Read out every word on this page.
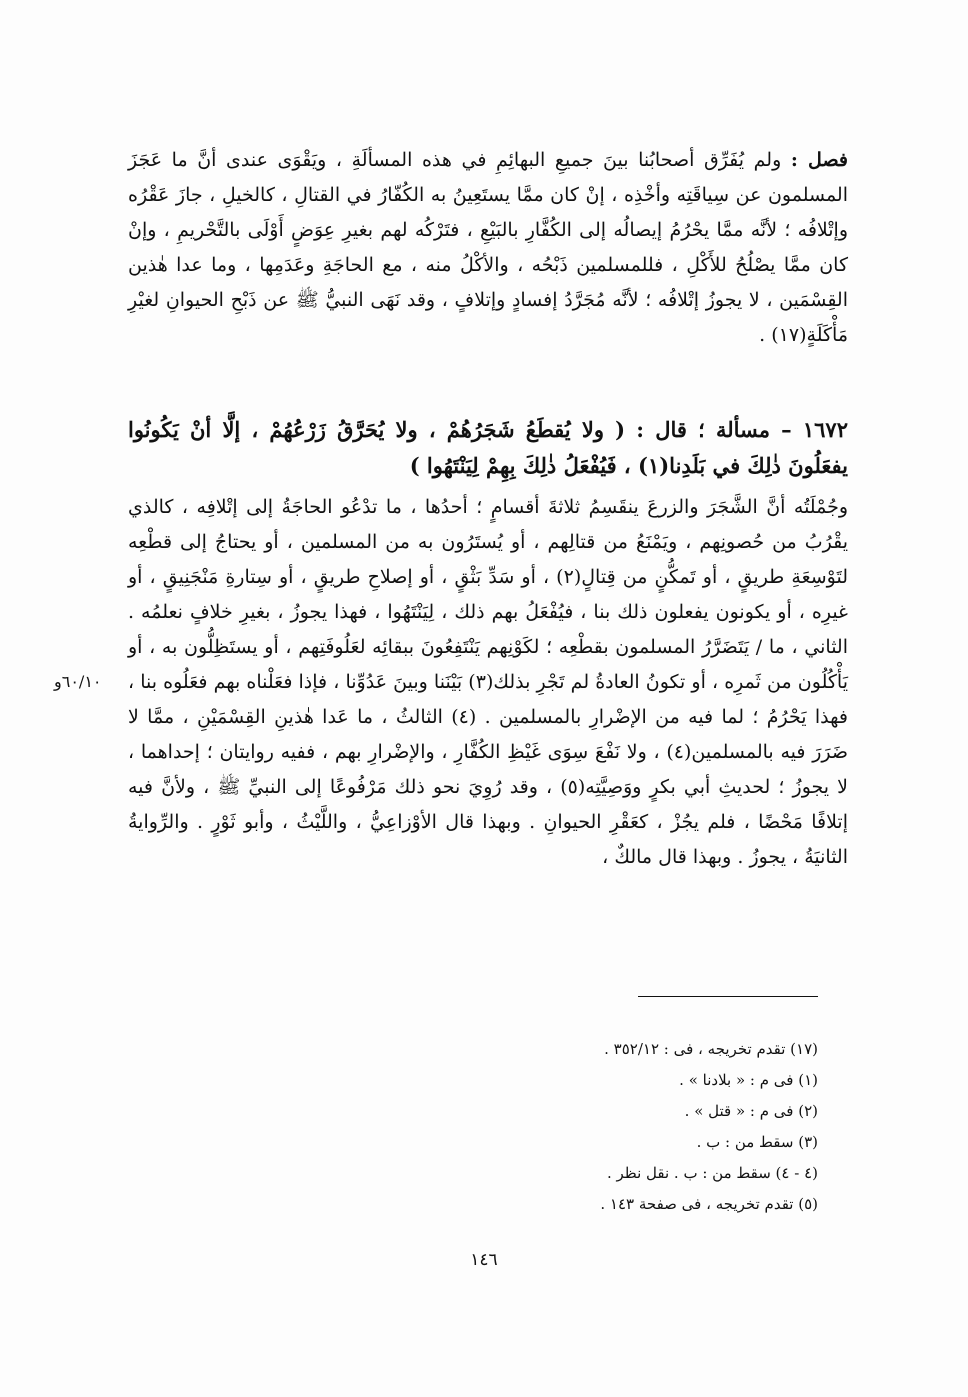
فصل : ولم يُفَرِّق أصحابُنا بينَ جميعِ البهائِمِ في هذه المسألَةِ ، ويَقْوَى عندى أنَّ ما عَجَزَ المسلمون عن سِياقَتِه وأخْذِه ، إنْ كان ممَّا يستَعِينُ به الكُفّارُ في القتالِ ، كالخيلِ ، جازَ عَقْرُه وإتْلافُه ؛ لأنَّه ممَّا يحْرُمُ إيصالُه إلى الكُفَّارِ بالبَيْعِ ، فتَرْكُه لهم بغيرِ عِوَضٍ أَوْلَى بالتَّحْريمِ ، وإنْ كان ممَّا يصْلُحُ للأَكْلِ ، فللمسلمين ذَبْحُه ، والأكْلُ منه ، مع الحاجَةِ وعَدَمِها ، وما عدا هٰذين القِسْمَين ، لا يجوزُ إتْلافُه ؛ لأنَّه مُجَرَّدُ إفسادٍ وإتلافٍ ، وقد نَهَى النبيُّ ﷺ عن ذَبْحِ الحيوانِ لغيْرِ مَأْكَلَةٍ(١٧) .

١٦٧٢ – مسألة ؛ قال : ( ولا يُقطَعُ شَجَرُهُمْ ، ولا يُحَرَّقُ زَرْعُهُمْ ، إلَّا أنْ يَكُونُوا يفعَلُونَ ذٰلِكَ في بَلَدِنا(١) ، فَيُفْعَلُ ذٰلِكَ بِهِمْ لِيَنْتَهُوا )

وجُمْلَتُه أنَّ الشَّجَرَ والزرعَ ينقَسِمُ ثلاثةَ أقسامٍ ؛ أحدُها ، ما تدْعُو الحاجَةُ إلى إتْلافِه ، كالذي يقْرُبُ من حُصونِهم ، ويَمْنَعُ من قتالِهم ، أو يُستَرُون به من المسلمين ، أو يحتاجُ إلى قطْعِه لتَوْسِعَةِ طريقٍ ، أو تَمكُّنٍ من قِتالٍ(٢) ، أو سَدِّ بَثْقٍ ، أو إصلاحِ طريقٍ ، أو سِتارةِ مَنْجَنِيقٍ ، أو غيرِه ، أو يكونون يفعلون ذلك بنا ، فيُفْعَلُ بهم ذلك ، لِيَنْتَهُوا ، فهذا يجوزُ ، بغيرِ خلافٍ نعلمُه . الثاني ، ما / يَتَضَرَّرُ المسلمون بقطْعِه ؛ لكَوْنِهم يَنْتَفِعُونَ ببقائِه لعَلُوفَتِهم ، أو يستَظِلُّون به ، أو يَأْكُلُون من ثَمرِه ، أو تكونُ العادةُ لم تَجْرِ بذلك(٣) بَيْنَنا وبينَ عَدُوِّنا ، فإذا فعَلْناه بهم فعَلُوه بنا ، فهذا يَحْرُمُ ؛ لما فيه من الإضْرارِ بالمسلمين . (٤) الثالثُ ، ما عَدا هٰذينِ القِسْمَيْنِ ، ممَّا لا ضَرَرَ فيه بالمسلمين(٤) ، ولا نَفْعَ سِوَى غَيْظِ الكُفَّارِ ، والإضْرارِ بهم ، ففيه روايتان ؛ إحداهما ، لا يجوزُ ؛ لحديثِ أبي بكرٍ ووَصِيَّتِه(٥) ، وقد رُوِيَ نحو ذلك مَرْفُوعًا إلى النبيِّ ﷺ ، ولأنَّ فيه إتلافًا مَحْضًا ، فلم يجُزْ ، كعَقْرِ الحيوانِ . وبهذا قال الأوْزاعِيُّ ، واللَّيْثُ ، وأبو ثَوْرٍ . والرِّوايةُ الثانيَةُ ، يجوزُ . وبهذا قال مالكٌ ،

٦٠/١٠و
(١٧) تقدم تخريجه ، فى : ٣٥٢/١٢ .
(١) فى م : « بلادنا » .
(٢) فى م : « قتل » .
(٣) سقط من : ب .
(٤ - ٤) سقط من : ب . نقل نظر .
(٥) تقدم تخريجه ، فى صفحة ١٤٣ .
١٤٦
